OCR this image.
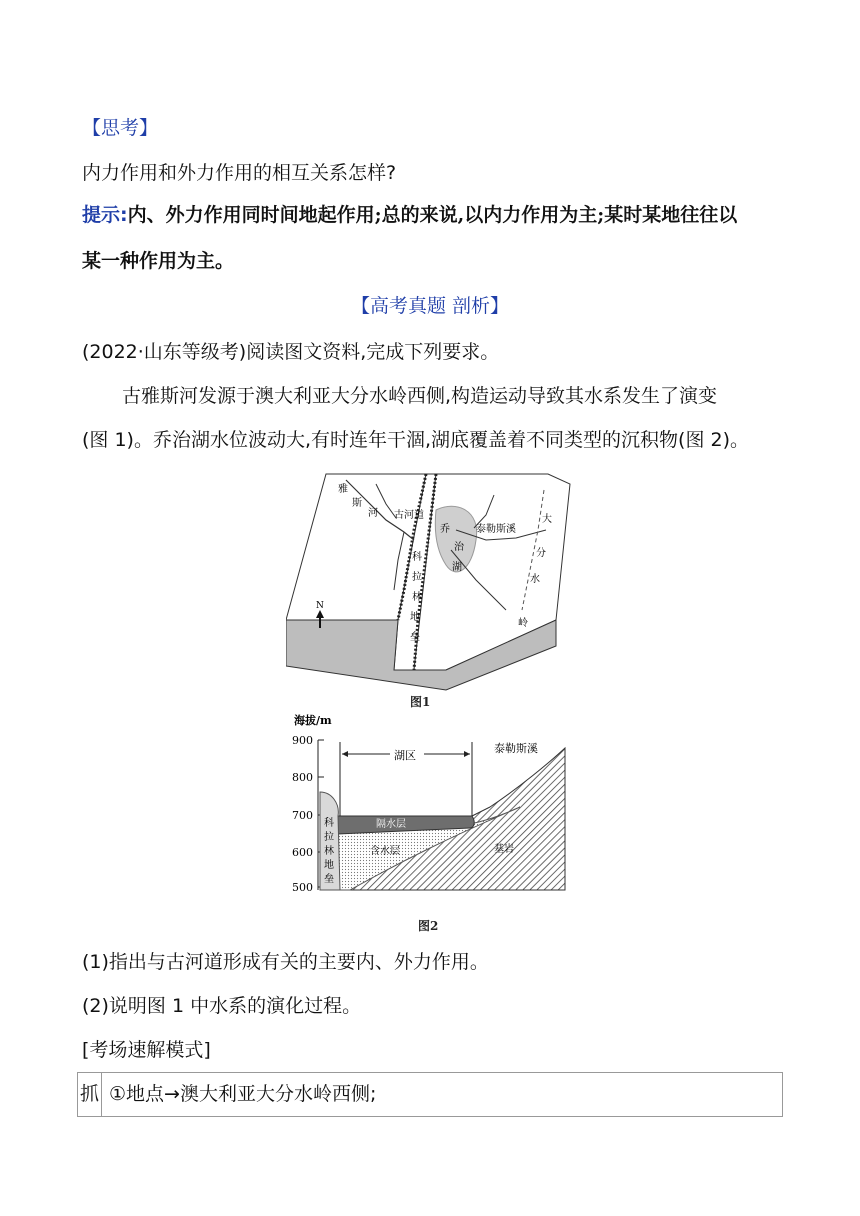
【思考】
内力作用和外力作用的相互关系怎样?
提示:内、外力作用同时间地起作用;总的来说,以内力作用为主;某时某地往往以
某一种作用为主。
【高考真题 剖析】
(2022·山东等级考)阅读图文资料,完成下列要求。
古雅斯河发源于澳大利亚大分水岭西侧,构造运动导致其水系发生了演变
(图 1)。乔治湖水位波动大,有时连年干涸,湖底覆盖着不同类型的沉积物(图 2)。
雅
斯
河 古河道
乔
治
湖
泰勒斯溪
科
拉
林
地
垒
大
分
水
岭
N
图1
海拔/m
900
800
700
600
500
湖区
泰勒斯溪
隔水层
含水层	基岩
科
拉
林
地
垒
图2
(1)指出与古河道形成有关的主要内、外力作用。
(2)说明图 1 中水系的演化过程。
[考场速解模式]
抓 ①地点→澳大利亚大分水岭西侧;
